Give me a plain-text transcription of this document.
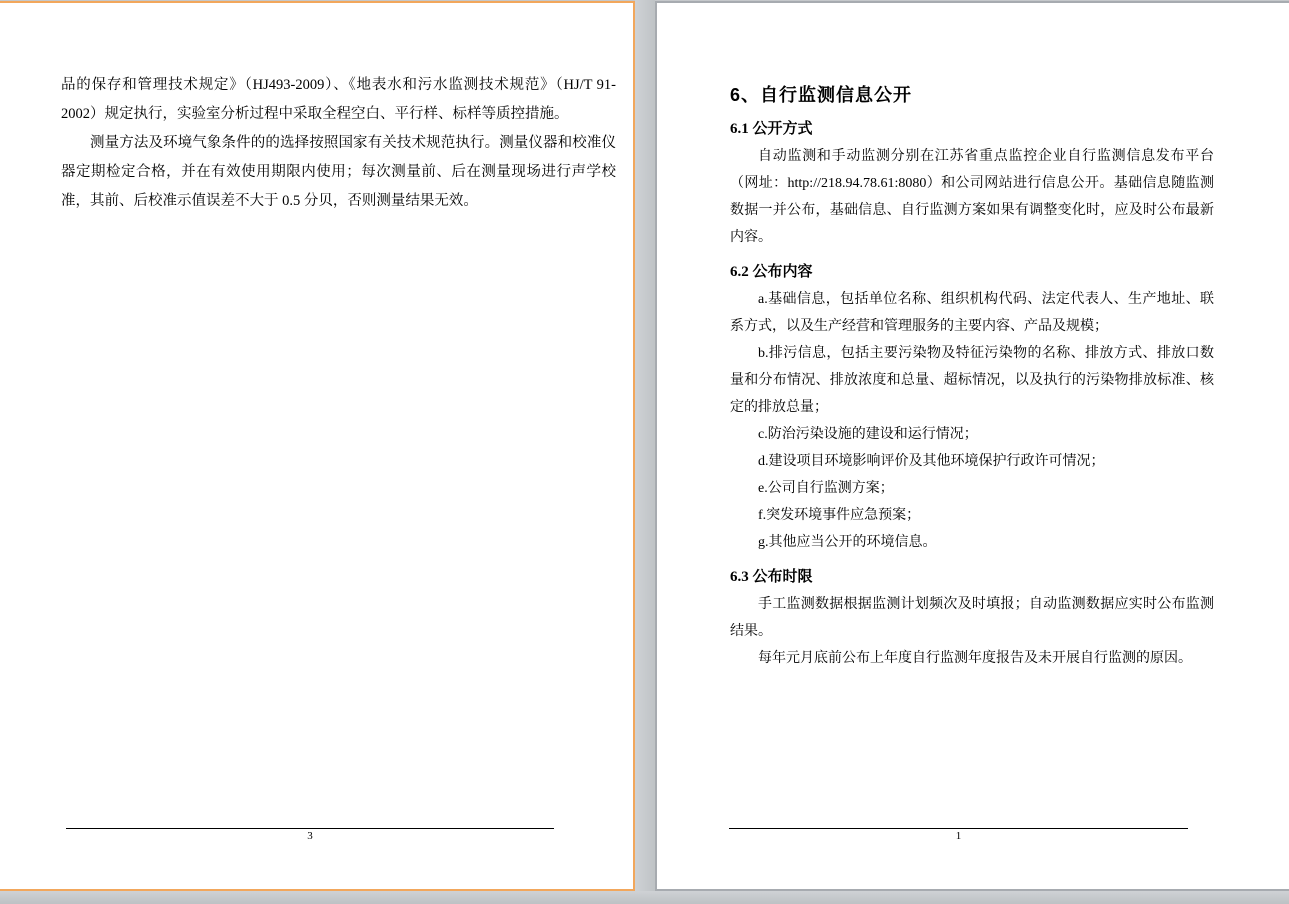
品的保存和管理技术规定》（HJ493-2009）、《地表水和污水监测技术规范》（HJ/T 91-2002）规定执行，实验室分析过程中采取全程空白、平行样、标样等质控措施。

测量方法及环境气象条件的的选择按照国家有关技术规范执行。测量仪器和校准仪器定期检定合格，并在有效使用期限内使用；每次测量前、后在测量现场进行声学校准，其前、后校准示值误差不大于 0.5 分贝，否则测量结果无效。

3
6、自行监测信息公开
6.1 公开方式

自动监测和手动监测分别在江苏省重点监控企业自行监测信息发布平台（网址：http://218.94.78.61:8080）和公司网站进行信息公开。基础信息随监测数据一并公布，基础信息、自行监测方案如果有调整变化时，应及时公布最新内容。

6.2 公布内容

a.基础信息，包括单位名称、组织机构代码、法定代表人、生产地址、联系方式，以及生产经营和管理服务的主要内容、产品及规模；

b.排污信息，包括主要污染物及特征污染物的名称、排放方式、排放口数量和分布情况、排放浓度和总量、超标情况，以及执行的污染物排放标准、核定的排放总量；

c.防治污染设施的建设和运行情况；

d.建设项目环境影响评价及其他环境保护行政许可情况；

e.公司自行监测方案；

f.突发环境事件应急预案；

g.其他应当公开的环境信息。

6.3 公布时限

手工监测数据根据监测计划频次及时填报；自动监测数据应实时公布监测结果。

每年元月底前公布上年度自行监测年度报告及未开展自行监测的原因。

1
